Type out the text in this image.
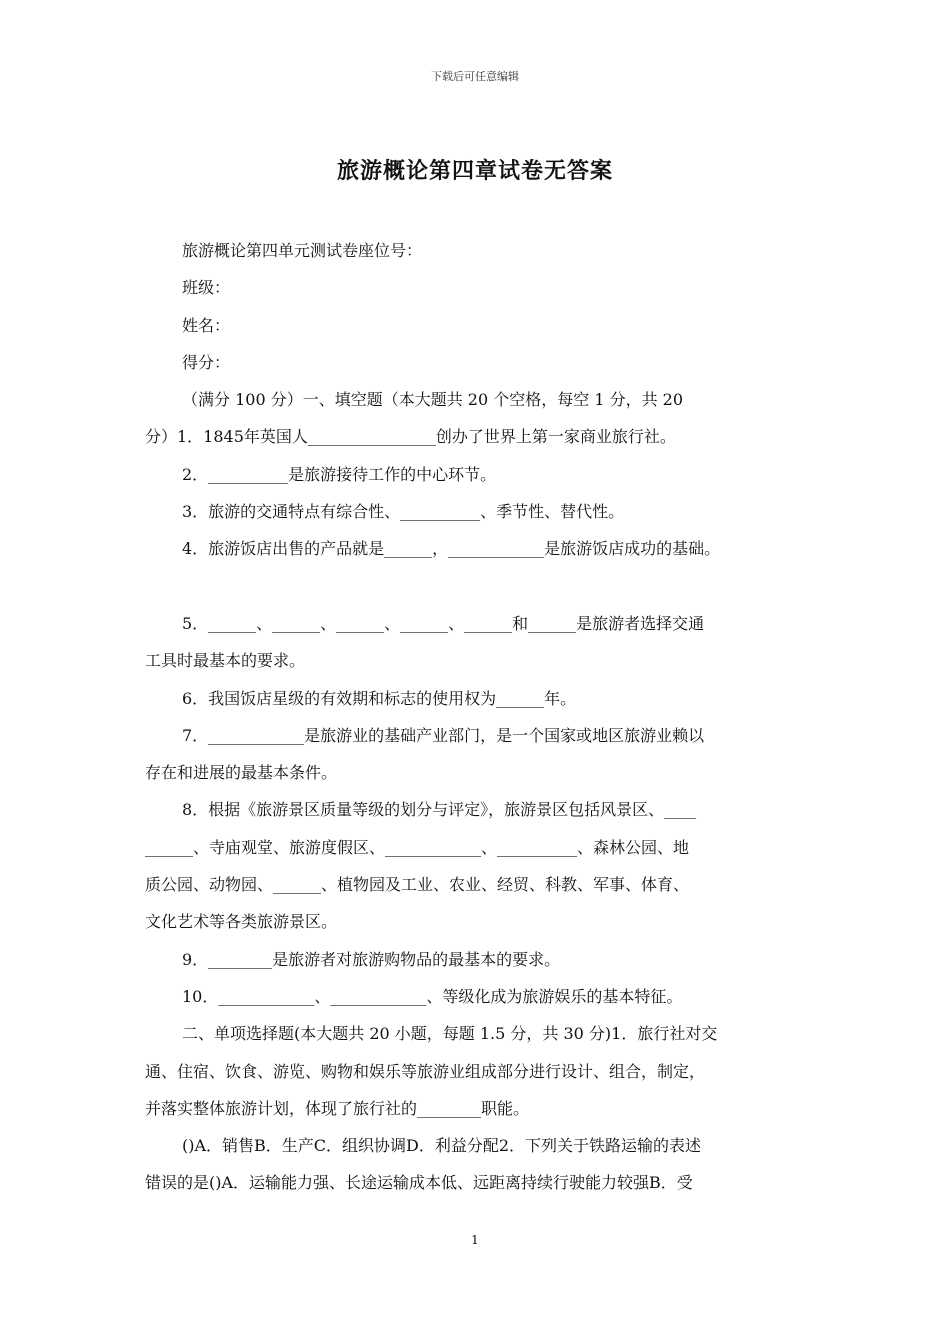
下载后可任意编辑
旅游概论第四章试卷无答案
旅游概论第四单元测试卷座位号：
班级：
姓名：
得分：
（满分 100 分）一、填空题（本大题共 20 个空格，每空 1 分，共 20
分）1．1845年英国人________________创办了世界上第一家商业旅行社。
2．__________是旅游接待工作的中心环节。
3．旅游的交通特点有综合性、__________、季节性、替代性。
4．旅游饭店出售的产品就是______，____________是旅游饭店成功的基础。
5．______、______、______、______、______和______是旅游者选择交通
工具时最基本的要求。
6．我国饭店星级的有效期和标志的使用权为______年。
7．____________是旅游业的基础产业部门，是一个国家或地区旅游业赖以
存在和进展的最基本条件。
8．根据《旅游景区质量等级的划分与评定》，旅游景区包括风景区、____
______、寺庙观堂、旅游度假区、____________、__________、森林公园、地
质公园、动物园、______、植物园及工业、农业、经贸、科教、军事、体育、
文化艺术等各类旅游景区。
9．________是旅游者对旅游购物品的最基本的要求。
10．____________、____________、等级化成为旅游娱乐的基本特征。
二、单项选择题(本大题共 20 小题，每题 1.5 分，共 30 分)1．旅行社对交
通、住宿、饮食、游览、购物和娱乐等旅游业组成部分进行设计、组合，制定，
并落实整体旅游计划，体现了旅行社的________职能。
()A．销售B．生产C．组织协调D．利益分配2．下列关于铁路运输的表述
错误的是()A．运输能力强、长途运输成本低、远距离持续行驶能力较强B．受
1
